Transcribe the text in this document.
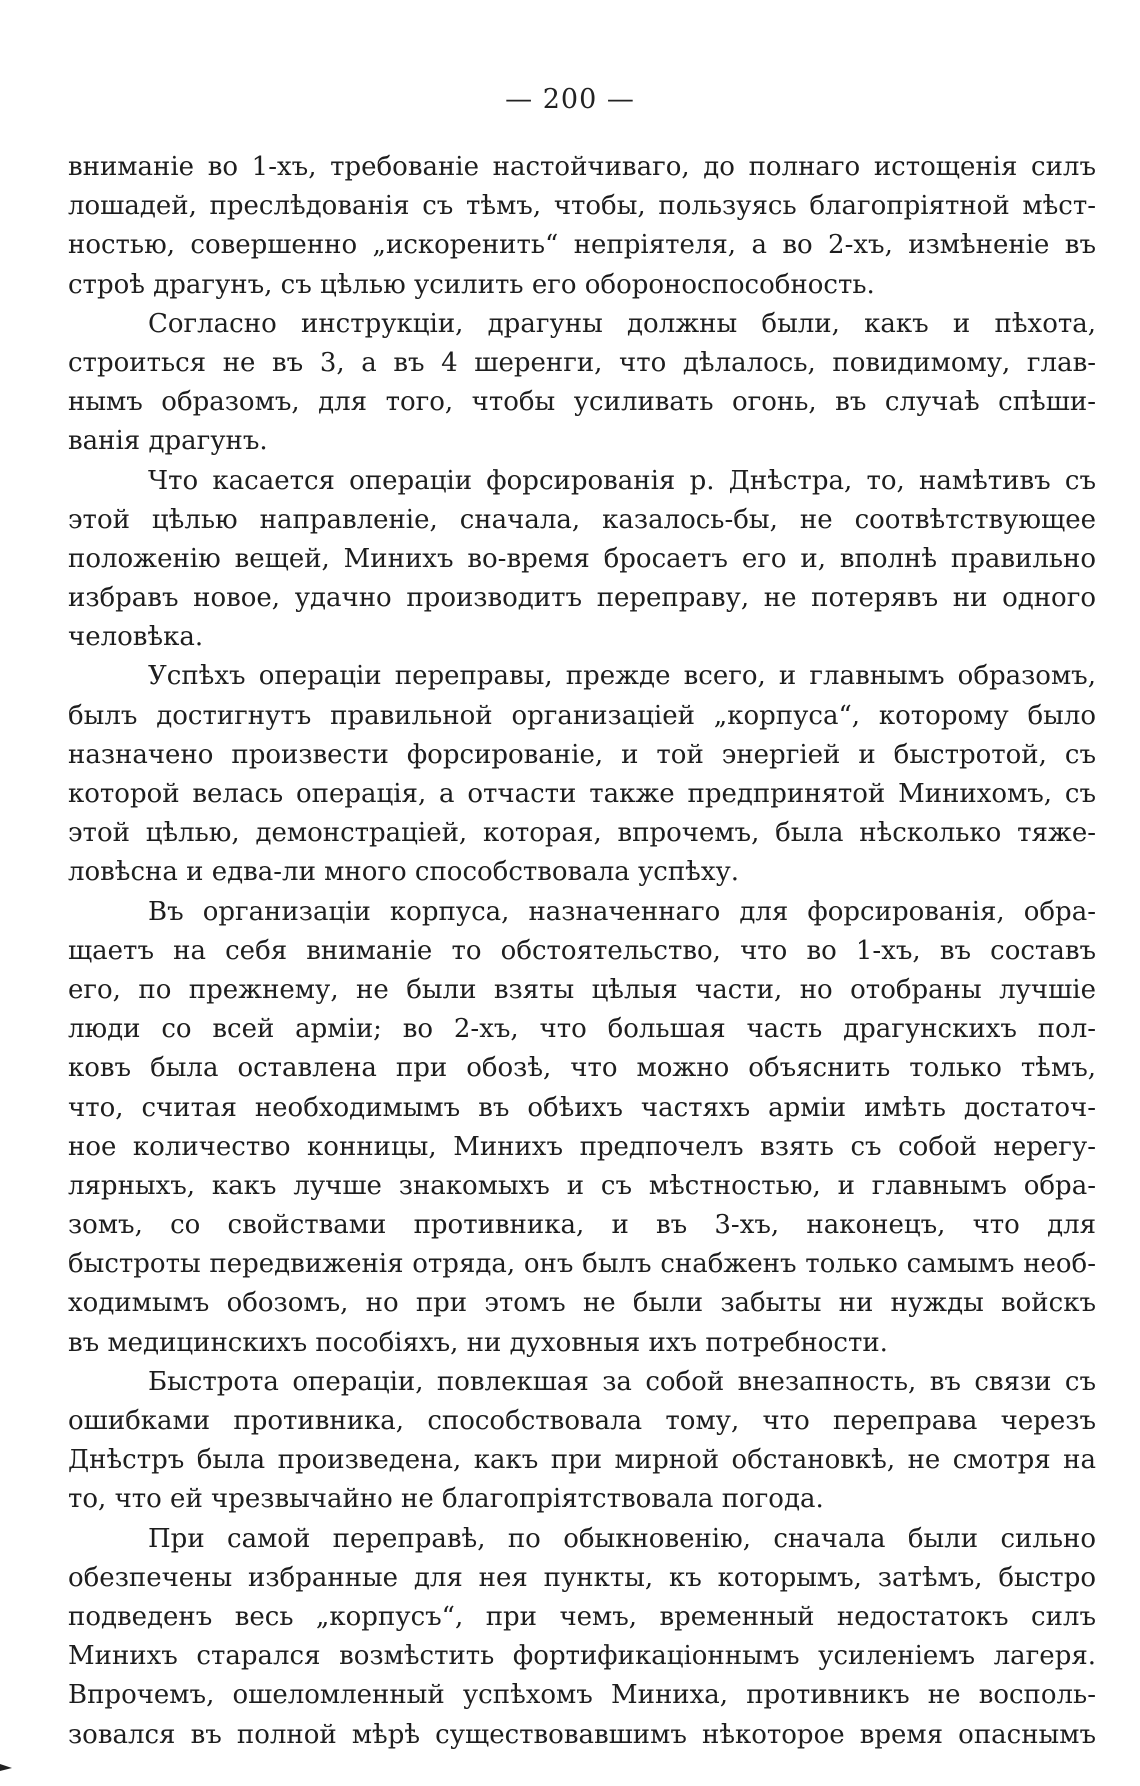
— 200 —
вниманіе во 1-хъ, требованіе настойчиваго, до полнаго истощенія силъ
лошадей, преслѣдованія съ тѣмъ, чтобы, пользуясь благопріятной мѣст-
ностью, совершенно „искоренить“ непріятеля, а во 2-хъ, измѣненіе въ
строѣ драгунъ, съ цѣлью усилить его обороноспособность.
Согласно инструкціи, драгуны должны были, какъ и пѣхота,
строиться не въ 3, а въ 4 шеренги, что дѣлалось, повидимому, глав-
нымъ образомъ, для того, чтобы усиливать огонь, въ случаѣ спѣши-
ванія драгунъ.
Что касается операціи форсированія р. Днѣстра, то, намѣтивъ съ
этой цѣлью направленіе, сначала, казалось-бы, не соотвѣтствующее
положенію вещей, Минихъ во-время бросаетъ его и, вполнѣ правильно
избравъ новое, удачно производитъ переправу, не потерявъ ни одного
человѣка.
Успѣхъ операціи переправы, прежде всего, и главнымъ образомъ,
былъ достигнутъ правильной организаціей „корпуса“, которому было
назначено произвести форсированіе, и той энергіей и быстротой, съ
которой велась операція, а отчасти также предпринятой Минихомъ, съ
этой цѣлью, демонстраціей, которая, впрочемъ, была нѣсколько тяже-
ловѣсна и едва-ли много способствовала успѣху.
Въ организаціи корпуса, назначеннаго для форсированія, обра-
щаетъ на себя вниманіе то обстоятельство, что во 1-хъ, въ составъ
его, по прежнему, не были взяты цѣлыя части, но отобраны лучшіе
люди со всей арміи; во 2-хъ, что большая часть драгунскихъ пол-
ковъ была оставлена при обозѣ, что можно объяснить только тѣмъ,
что, считая необходимымъ въ обѣихъ частяхъ арміи имѣть достаточ-
ное количество конницы, Минихъ предпочелъ взять съ собой нерегу-
лярныхъ, какъ лучше знакомыхъ и съ мѣстностью, и главнымъ обра-
зомъ, со свойствами противника, и въ 3-хъ, наконецъ, что для
быстроты передвиженія отряда, онъ былъ снабженъ только самымъ необ-
ходимымъ обозомъ, но при этомъ не были забыты ни нужды войскъ
въ медицинскихъ пособіяхъ, ни духовныя ихъ потребности.
Быстрота операціи, повлекшая за собой внезапность, въ связи съ
ошибками противника, способствовала тому, что переправа черезъ
Днѣстръ была произведена, какъ при мирной обстановкѣ, не смотря на
то, что ей чрезвычайно не благопріятствовала погода.
При самой переправѣ, по обыкновенію, сначала были сильно
обезпечены избранные для нея пункты, къ которымъ, затѣмъ, быстро
подведенъ весь „корпусъ“, при чемъ, временный недостатокъ силъ
Минихъ старался возмѣстить фортификаціоннымъ усиленіемъ лагеря.
Впрочемъ, ошеломленный успѣхомъ Миниха, противникъ не восполь-
зовался въ полной мѣрѣ существовавшимъ нѣкоторое время опаснымъ
